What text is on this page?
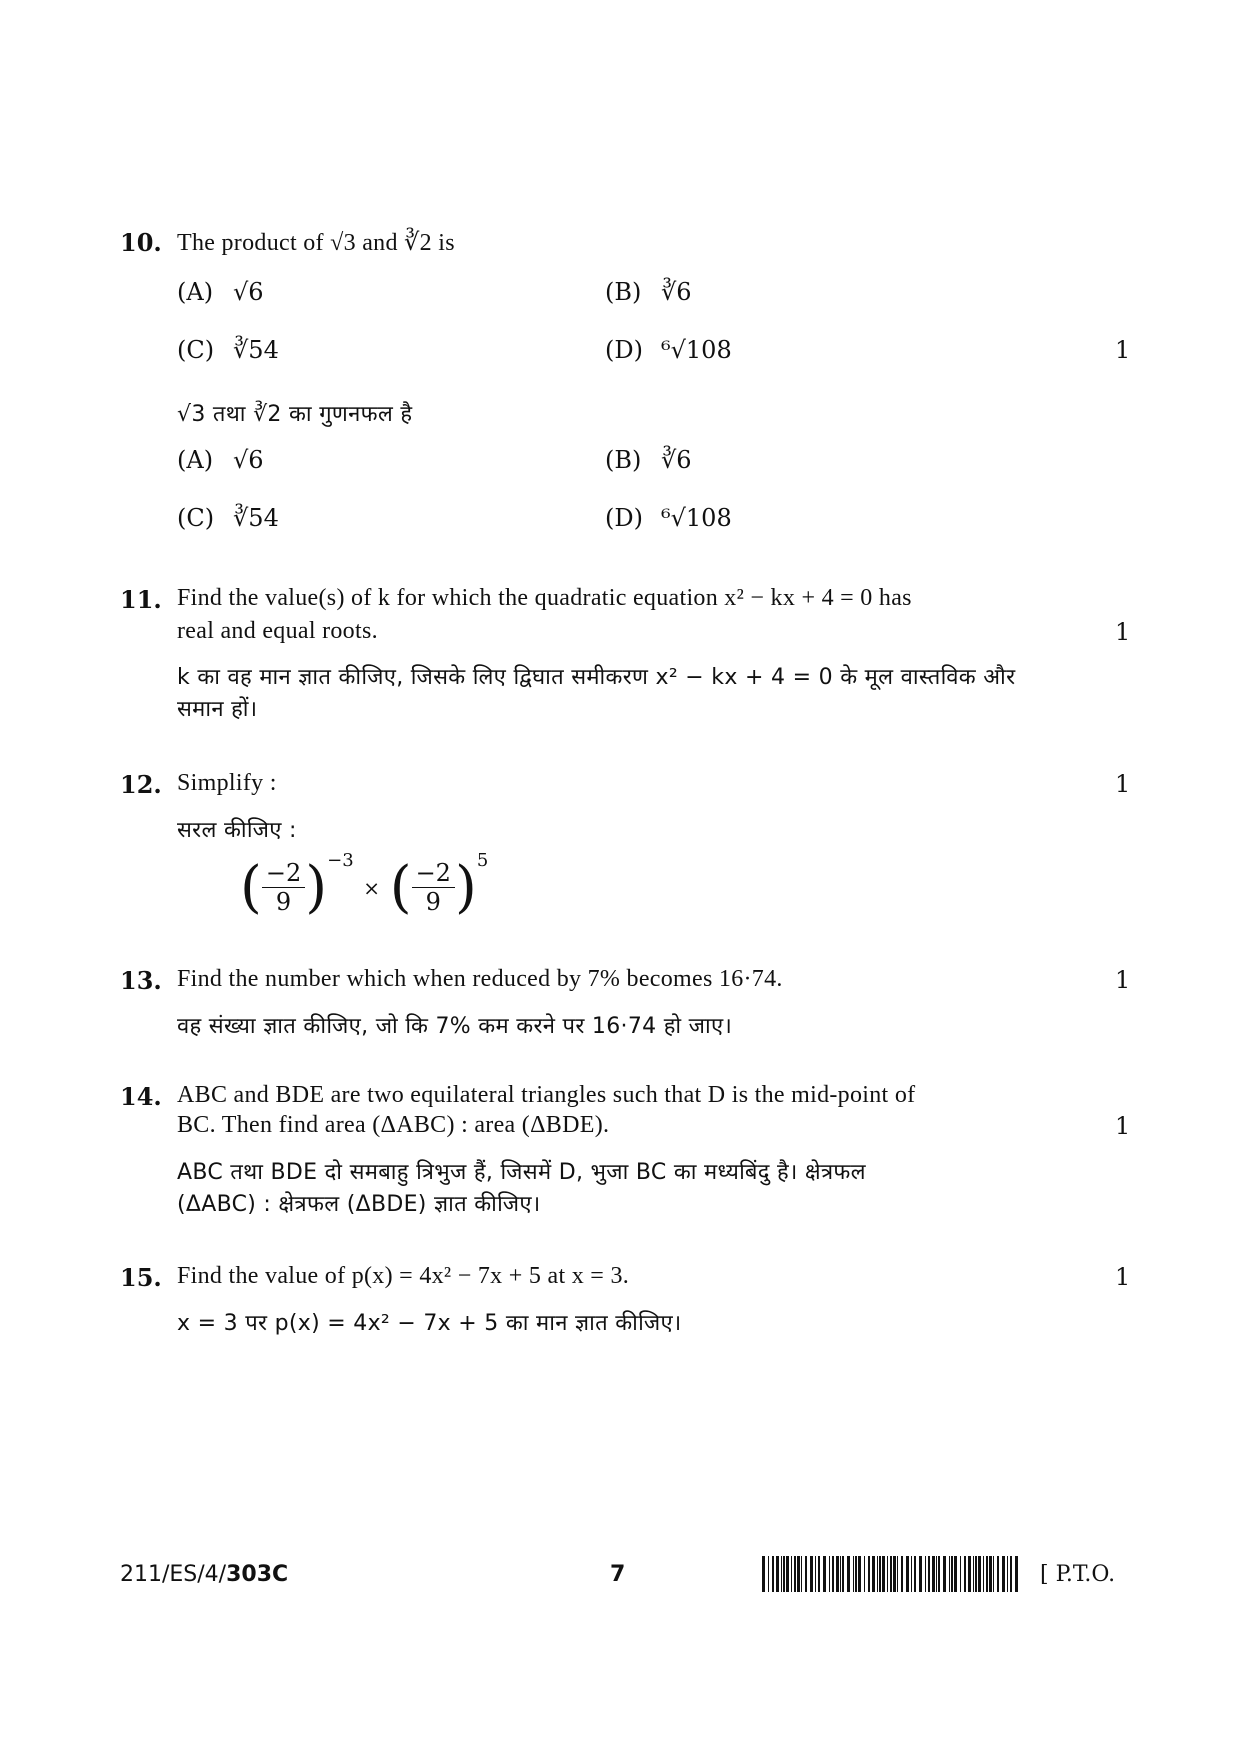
10. The product of √3 and ∛2 is
(A) √6	(B) ∛6
(C) ∛54	(D) ⁶√108	1
√3 तथा ∛2 का गुणनफल है
(A) √6	(B) ∛6
(C) ∛54	(D) ⁶√108
11. Find the value(s) of k for which the quadratic equation x² − kx + 4 = 0 has
real and equal roots.	1
k का वह मान ज्ञात कीजिए, जिसके लिए द्विघात समीकरण x² − kx + 4 = 0 के मूल वास्तविक और
समान हों।
12. Simplify :	1
सरल कीजिए :
( $\frac{-2}{9} )^{-3}$ × ( $\frac{-2}{9} )^5$
13. Find the number which when reduced by 7% becomes 16·74.	1
वह संख्या ज्ञात कीजिए, जो कि 7% कम करने पर 16·74 हो जाए।
14. ABC and BDE are two equilateral triangles such that D is the mid-point of
BC. Then find area (ΔABC) : area (ΔBDE).	1
ABC तथा BDE दो समबाहु त्रिभुज हैं, जिसमें D, भुजा BC का मध्यबिंदु है। क्षेत्रफल
(ΔABC) : क्षेत्रफल (ΔBDE) ज्ञात कीजिए।
15. Find the value of p(x) = 4x² − 7x + 5 at x = 3.	1
x = 3 पर p(x) = 4x² − 7x + 5 का मान ज्ञात कीजिए।
211/ES/4/303C	7	[ P.T.O.
